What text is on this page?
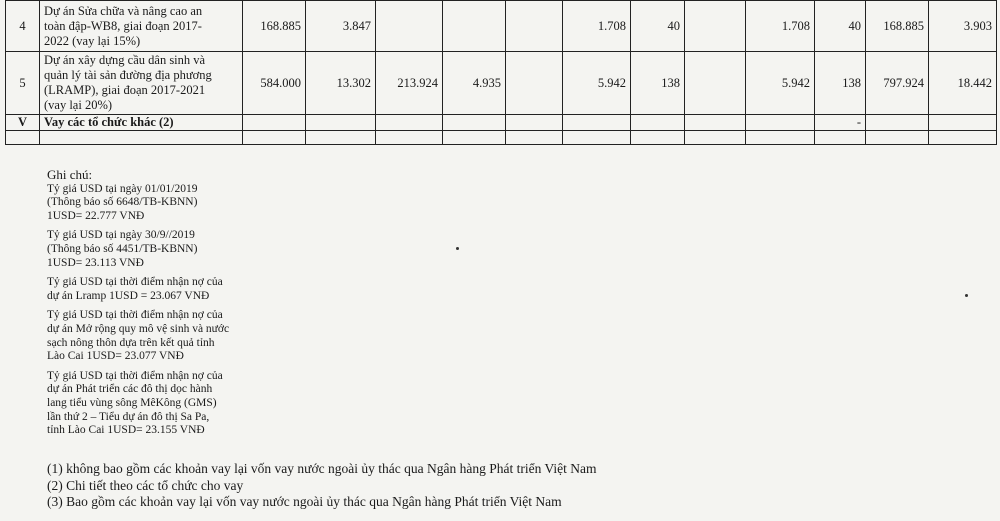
4	Dự án Sửa chữa và nâng cao an
toàn đập-WB8, giai đoạn 2017-
2022 (vay lại 15%)	168.885	3.847				1.708	40		1.708	40	168.885	3.903
5	Dự án xây dựng cầu dân sinh và
quản lý tài sản đường địa phương
(LRAMP), giai đoạn 2017-2021
(vay lại 20%)	584.000	13.302	213.924	4.935		5.942	138		5.942	138	797.924	18.442
V	Vay các tổ chức khác (2)										-		

Ghi chú:
Tỷ giá USD tại ngày 01/01/2019
(Thông báo số 6648/TB-KBNN)
1USD= 22.777 VNĐ
Tỷ giá USD tại ngày 30/9//2019
(Thông báo số 4451/TB-KBNN)
1USD= 23.113 VNĐ
Tỷ giá USD tại thời điểm nhận nợ của
dự án Lramp 1USD = 23.067 VNĐ
Tỷ giá USD tại thời điểm nhận nợ của
dự án Mở rộng quy mô vệ sinh và nước
sạch nông thôn dựa trên kết quả tỉnh
Lào Cai 1USD= 23.077 VNĐ
Tỷ giá USD tại thời điểm nhận nợ của
dự án Phát triển các đô thị dọc hành
lang tiểu vùng sông MêKông (GMS)
lần thứ 2 – Tiểu dự án đô thị Sa Pa,
tỉnh Lào Cai 1USD= 23.155 VNĐ
(1) không bao gồm các khoản vay lại vốn vay nước ngoài ủy thác qua Ngân hàng Phát triển Việt Nam
(2) Chi tiết theo các tổ chức cho vay
(3) Bao gồm các khoản vay lại vốn vay nước ngoài ủy thác qua Ngân hàng Phát triển Việt Nam
